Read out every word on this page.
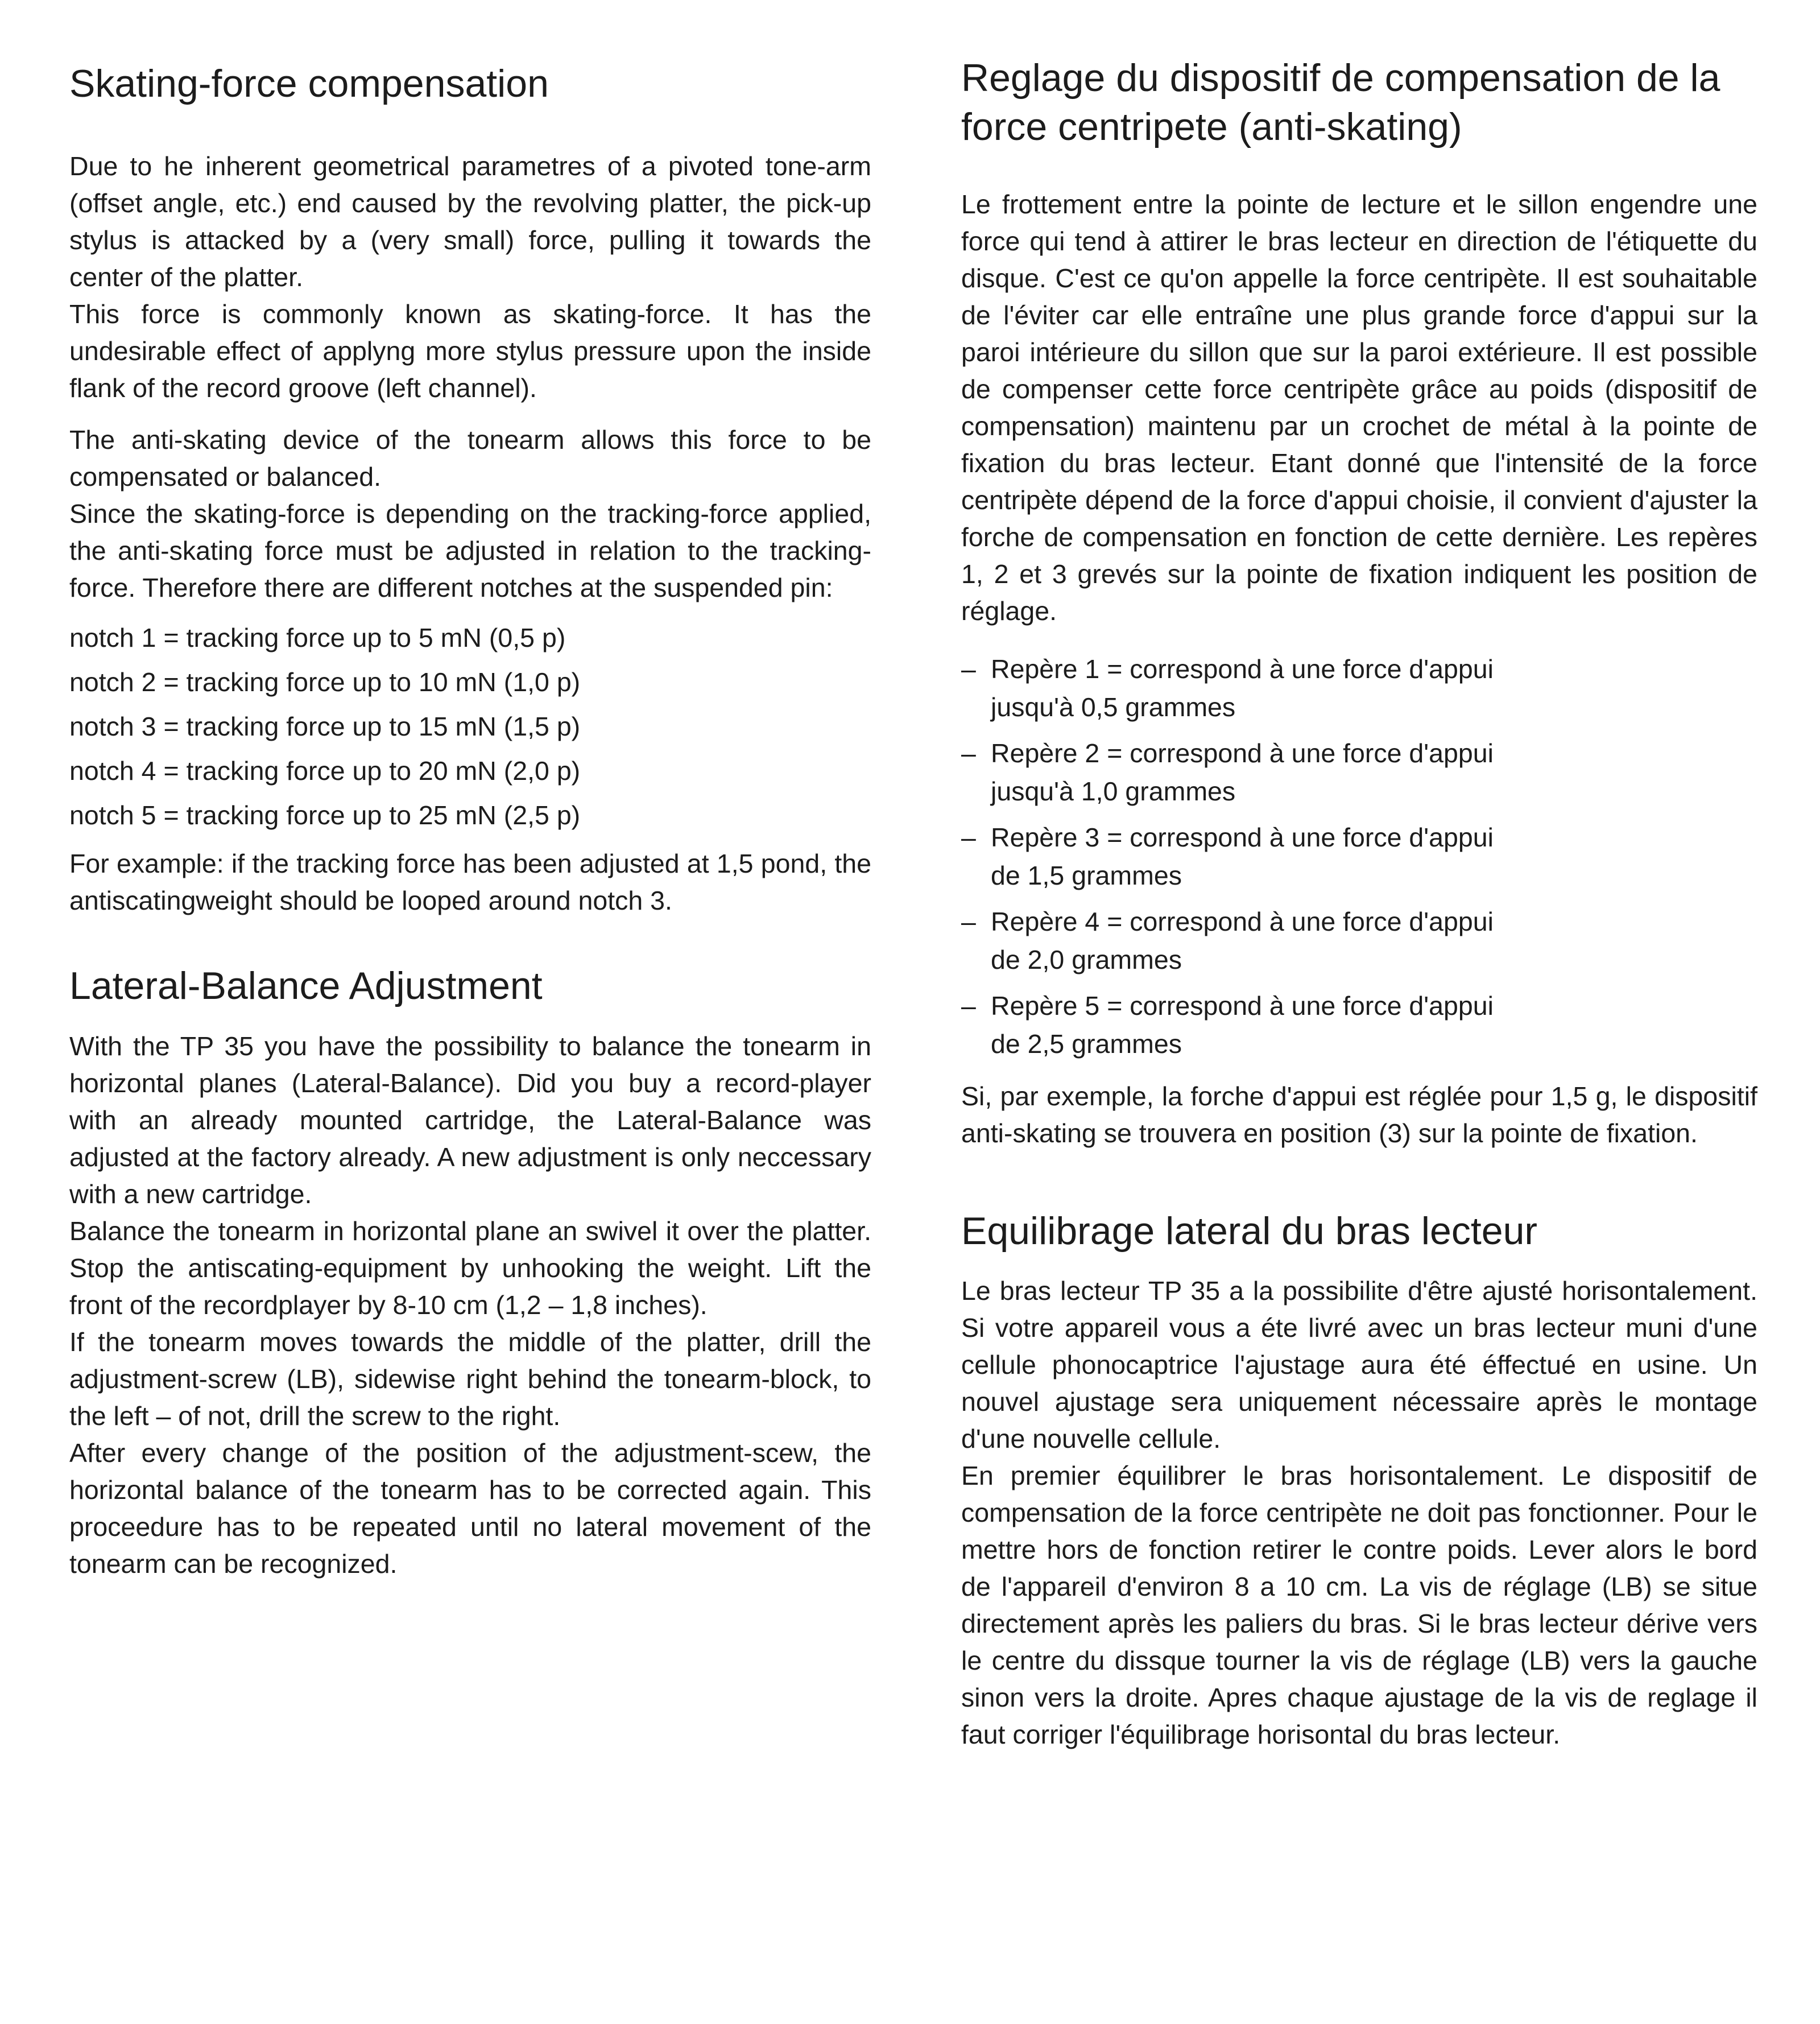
Skating-force compensation

Due to he inherent geometrical parametres of a pivoted tone-arm (offset angle, etc.) end caused by the revolving platter, the pick-up stylus is attacked by a (very small) force, pulling it towards the center of the platter.

This force is commonly known as skating-force. It has the undesirable effect of applyng more stylus pressure upon the inside flank of the record groove (left channel).

The anti-skating device of the tonearm allows this force to be compensated or balanced.

Since the skating-force is depending on the tracking-force applied, the anti-skating force must be adjusted in relation to the tracking-force. Therefore there are different notches at the suspended pin:

notch 1 = tracking force up to 5 mN (0,5 p)
notch 2 = tracking force up to 10 mN (1,0 p)
notch 3 = tracking force up to 15 mN (1,5 p)
notch 4 = tracking force up to 20 mN (2,0 p)
notch 5 = tracking force up to 25 mN (2,5 p)

For example: if the tracking force has been adjusted at 1,5 pond, the antiscatingweight should be looped around notch 3.

Lateral-Balance Adjustment

With the TP 35 you have the possibility to balance the tonearm in horizontal planes (Lateral-Balance). Did you buy a record-player with an already mounted cartridge, the Lateral-Balance was adjusted at the factory already. A new adjustment is only neccessary with a new cartridge.

Balance the tonearm in horizontal plane an swivel it over the platter. Stop the antiscating-equipment by unhooking the weight. Lift the front of the recordplayer by 8-10 cm (1,2 – 1,8 inches).

If the tonearm moves towards the middle of the platter, drill the adjustment-screw (LB), sidewise right behind the tonearm-block, to the left – of not, drill the screw to the right.

After every change of the position of the adjustment-scew, the horizontal balance of the tonearm has to be corrected again. This proceedure has to be repeated until no lateral movement of the tonearm can be recognized.

Reglage du dispositif de compensation de la force centripete (anti-skating)

Le frottement entre la pointe de lecture et le sillon engendre une force qui tend à attirer le bras lecteur en direction de l'étiquette du disque. C'est ce qu'on appelle la force centripète. Il est souhaitable de l'éviter car elle entraîne une plus grande force d'appui sur la paroi intérieure du sillon que sur la paroi extérieure. Il est possible de compenser cette force centripète grâce au poids (dispositif de compensation) maintenu par un crochet de métal à la pointe de fixation du bras lecteur. Etant donné que l'intensité de la force centripète dépend de la force d'appui choisie, il convient d'ajuster la forche de compensation en fonction de cette dernière. Les repères 1, 2 et 3 grevés sur la pointe de fixation indiquent les position de réglage.

– Repère 1 = correspond à une force d'appui
jusqu'à 0,5 grammes
– Repère 2 = correspond à une force d'appui
jusqu'à 1,0 grammes
– Repère 3 = correspond à une force d'appui
de 1,5 grammes
– Repère 4 = correspond à une force d'appui
de 2,0 grammes
– Repère 5 = correspond à une force d'appui
de 2,5 grammes

Si, par exemple, la forche d'appui est réglée pour 1,5 g, le dispositif anti-skating se trouvera en position (3) sur la pointe de fixation.

Equilibrage lateral du bras lecteur

Le bras lecteur TP 35 a la possibilite d'être ajusté horisontalement. Si votre appareil vous a éte livré avec un bras lecteur muni d'une cellule phonocaptrice l'ajustage aura été éffectué en usine. Un nouvel ajustage sera uniquement nécessaire après le montage d'une nouvelle cellule.

En premier équilibrer le bras horisontalement. Le dispositif de compensation de la force centripète ne doit pas fonctionner. Pour le mettre hors de fonction retirer le contre poids. Lever alors le bord de l'appareil d'environ 8 a 10 cm. La vis de réglage (LB) se situe directement après les paliers du bras. Si le bras lecteur dérive vers le centre du dissque tourner la vis de réglage (LB) vers la gauche sinon vers la droite. Apres chaque ajustage de la vis de reglage il faut corriger l'équilibrage horisontal du bras lecteur.
